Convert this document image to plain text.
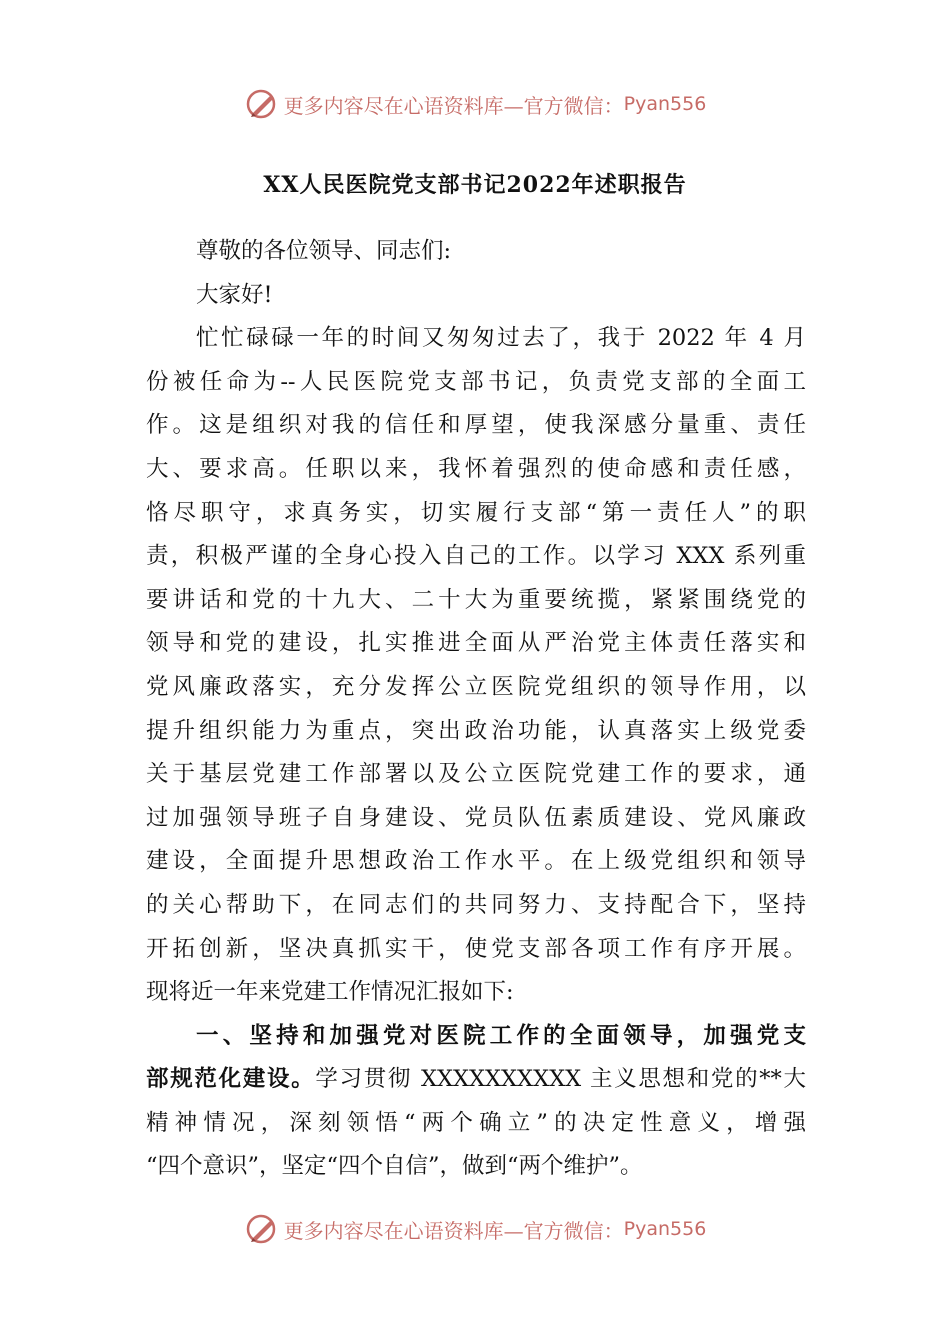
更多内容尽在心语资料库—官方微信： Pyan556
XX人民医院党支部书记2022年述职报告
尊敬的各位领导、同志们:
大家好!
忙忙碌碌一年的时间又匆匆过去了，我于 2022 年 4 月
份被任命为--人民医院党支部书记，负责党支部的全面工
作。这是组织对我的信任和厚望，使我深感分量重、责任
大、要求高。任职以来，我怀着强烈的使命感和责任感，
恪尽职守，求真务实，切实履行支部“第一责任人”的职
责，积极严谨的全身心投入自己的工作。以学习 XXX 系列重
要讲话和党的十九大、二十大为重要统揽，紧紧围绕党的
领导和党的建设，扎实推进全面从严治党主体责任落实和
党风廉政落实，充分发挥公立医院党组织的领导作用，以
提升组织能力为重点，突出政治功能，认真落实上级党委
关于基层党建工作部署以及公立医院党建工作的要求，通
过加强领导班子自身建设、党员队伍素质建设、党风廉政
建设，全面提升思想政治工作水平。在上级党组织和领导
的关心帮助下，在同志们的共同努力、支持配合下，坚持
开拓创新，坚决真抓实干，使党支部各项工作有序开展。
现将近一年来党建工作情况汇报如下:
一、坚持和加强党对医院工作的全面领导，加强党支
部规范化建设。学习贯彻 XXXXXXXXXX 主义思想和党的**大
精神情况，深刻领悟“两个确立”的决定性意义，增强
“四个意识”，坚定“四个自信”，做到“两个维护”。
更多内容尽在心语资料库—官方微信： Pyan556
